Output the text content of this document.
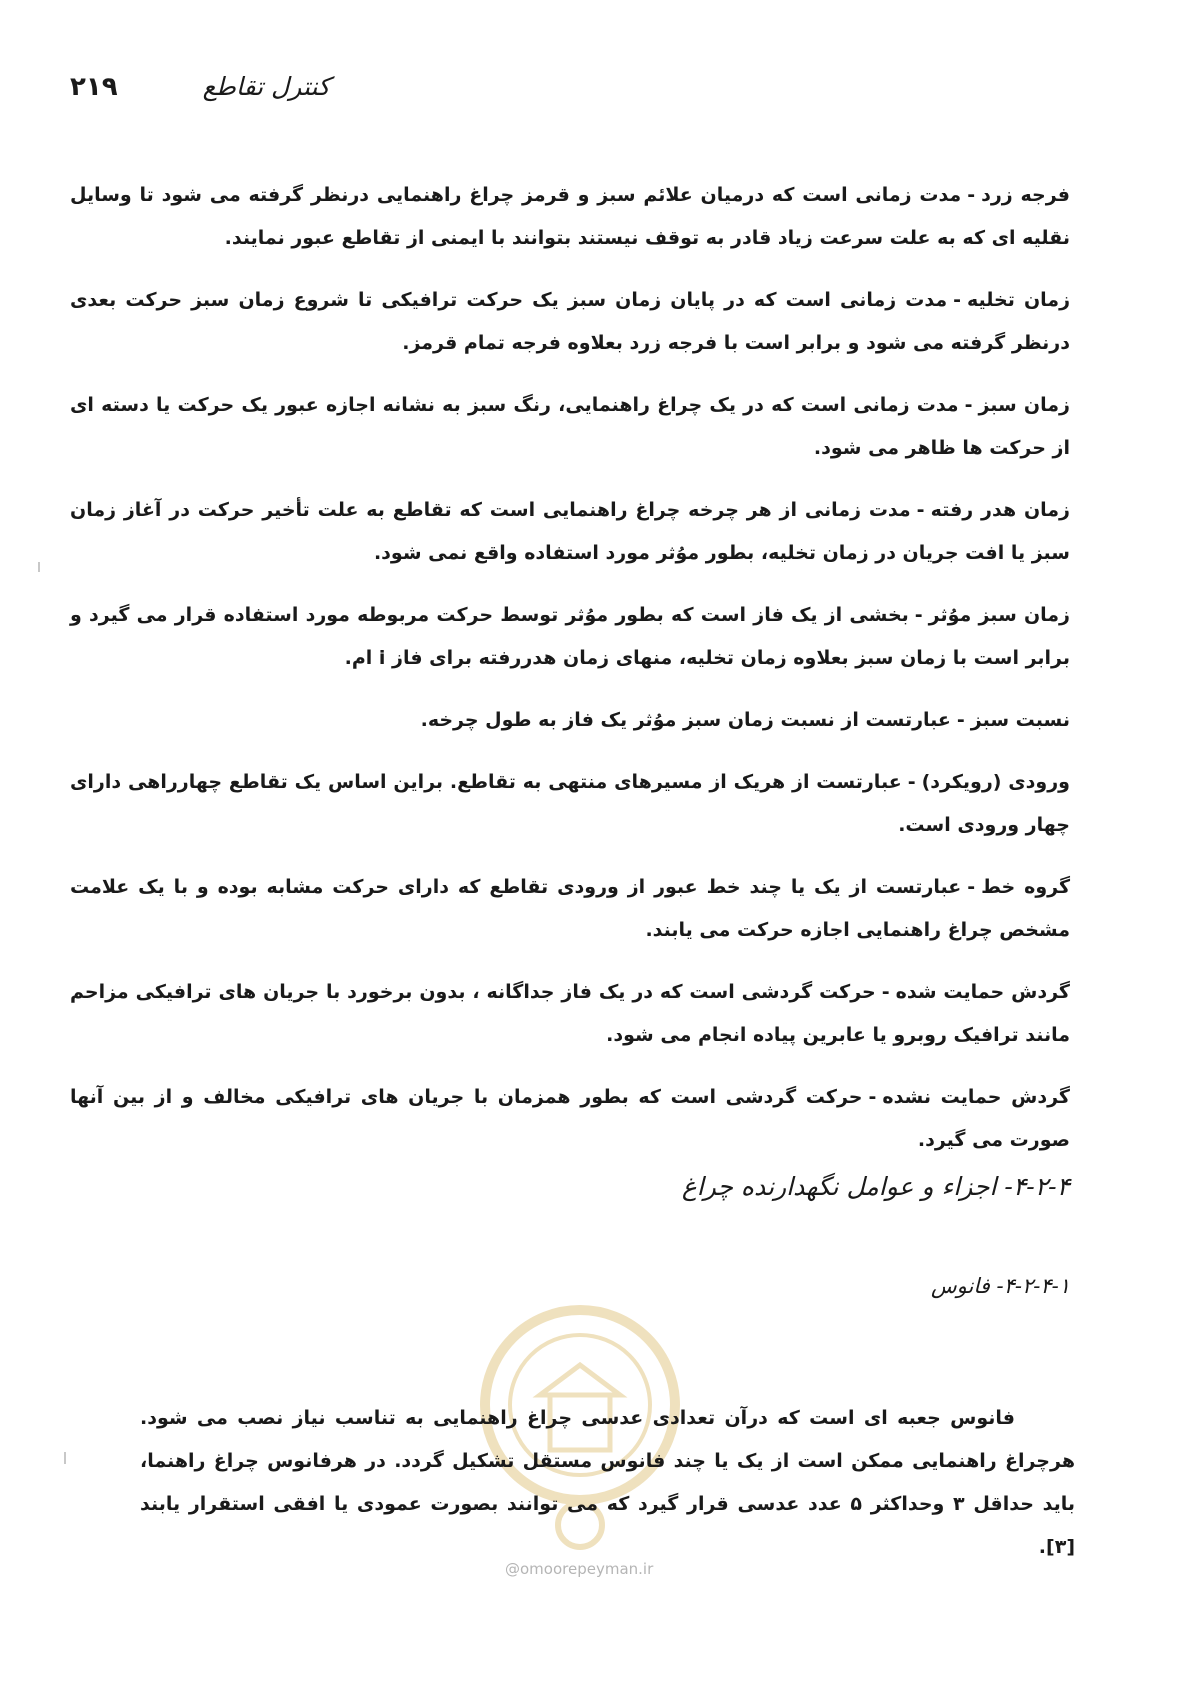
۲۱۹	کنترل تقاطع

فرجه زرد-مدت زمانی است که درمیان علائم سبز و قرمز چراغ راهنمایی درنظر گرفته می شود تا وسایل نقلیه ای که به علت سرعت زیاد قادر به توقف نیستند بتوانند با ایمنی از تقاطع عبور نمایند.

زمان تخلیه-مدت زمانی است که در پایان زمان سبز یک حرکت ترافیکی تا شروع زمان سبز حرکت بعدی درنظر گرفته می شود و برابر است با فرجه زرد بعلاوه فرجه تمام قرمز.

زمان سبز-مدت زمانی است که در یک چراغ راهنمایی، رنگ سبز به نشانه اجازه عبور یک حرکت یا دسته ای از حرکت ها ظاهر می شود.

زمان هدر رفته-مدت زمانی از هر چرخه چراغ راهنمایی است که تقاطع به علت تأخیر حرکت در آغاز زمان سبز یا افت جریان در زمان تخلیه، بطور موُثر مورد استفاده واقع نمی شود.

زمان سبز موُثر-بخشی از یک فاز است که بطور موُثر توسط حرکت مربوطه مورد استفاده قرار می گیرد و برابر است با زمان سبز بعلاوه زمان تخلیه، منهای زمان هدررفته برای فاز i ام.

نسبت سبز-عبارتست از نسبت زمان سبز موُثر یک فاز به طول چرخه.

ورودی (رویکرد)-عبارتست از هریک از مسیرهای منتهی به تقاطع. براین اساس یک تقاطع چهارراهی دارای چهار ورودی است.

گروه خط-عبارتست از یک یا چند خط عبور از ورودی تقاطع که دارای حرکت مشابه بوده و با یک علامت مشخص چراغ راهنمایی اجازه حرکت می یابند.

گردش حمایت شده-حرکت گردشی است که در یک فاز جداگانه ، بدون برخورد با جریان های ترافیکی مزاحم مانند ترافیک روبرو یا عابرین پیاده انجام می شود.

گردش حمایت نشده-حرکت گردشی است که بطور همزمان با جریان های ترافیکی مخالف و از بین آنها صورت می گیرد.

۴-۲-۴- اجزاء و عوامل نگهدارنده چراغ
۴-۲-۴-۱- فانوس
@omoorepeyman.ir

فانوس جعبه ای است که درآن تعدادی عدسی چراغ راهنمایی به تناسب نیاز نصب می شود. هرچراغ راهنمایی ممکن است از یک یا چند فانوس مستقل تشکیل گردد. در هرفانوس چراغ راهنما، باید حداقل ۳ وحداکثر ۵ عدد عدسی قرار گیرد که می توانند بصورت عمودی یا افقی استقرار یابند [۳].
